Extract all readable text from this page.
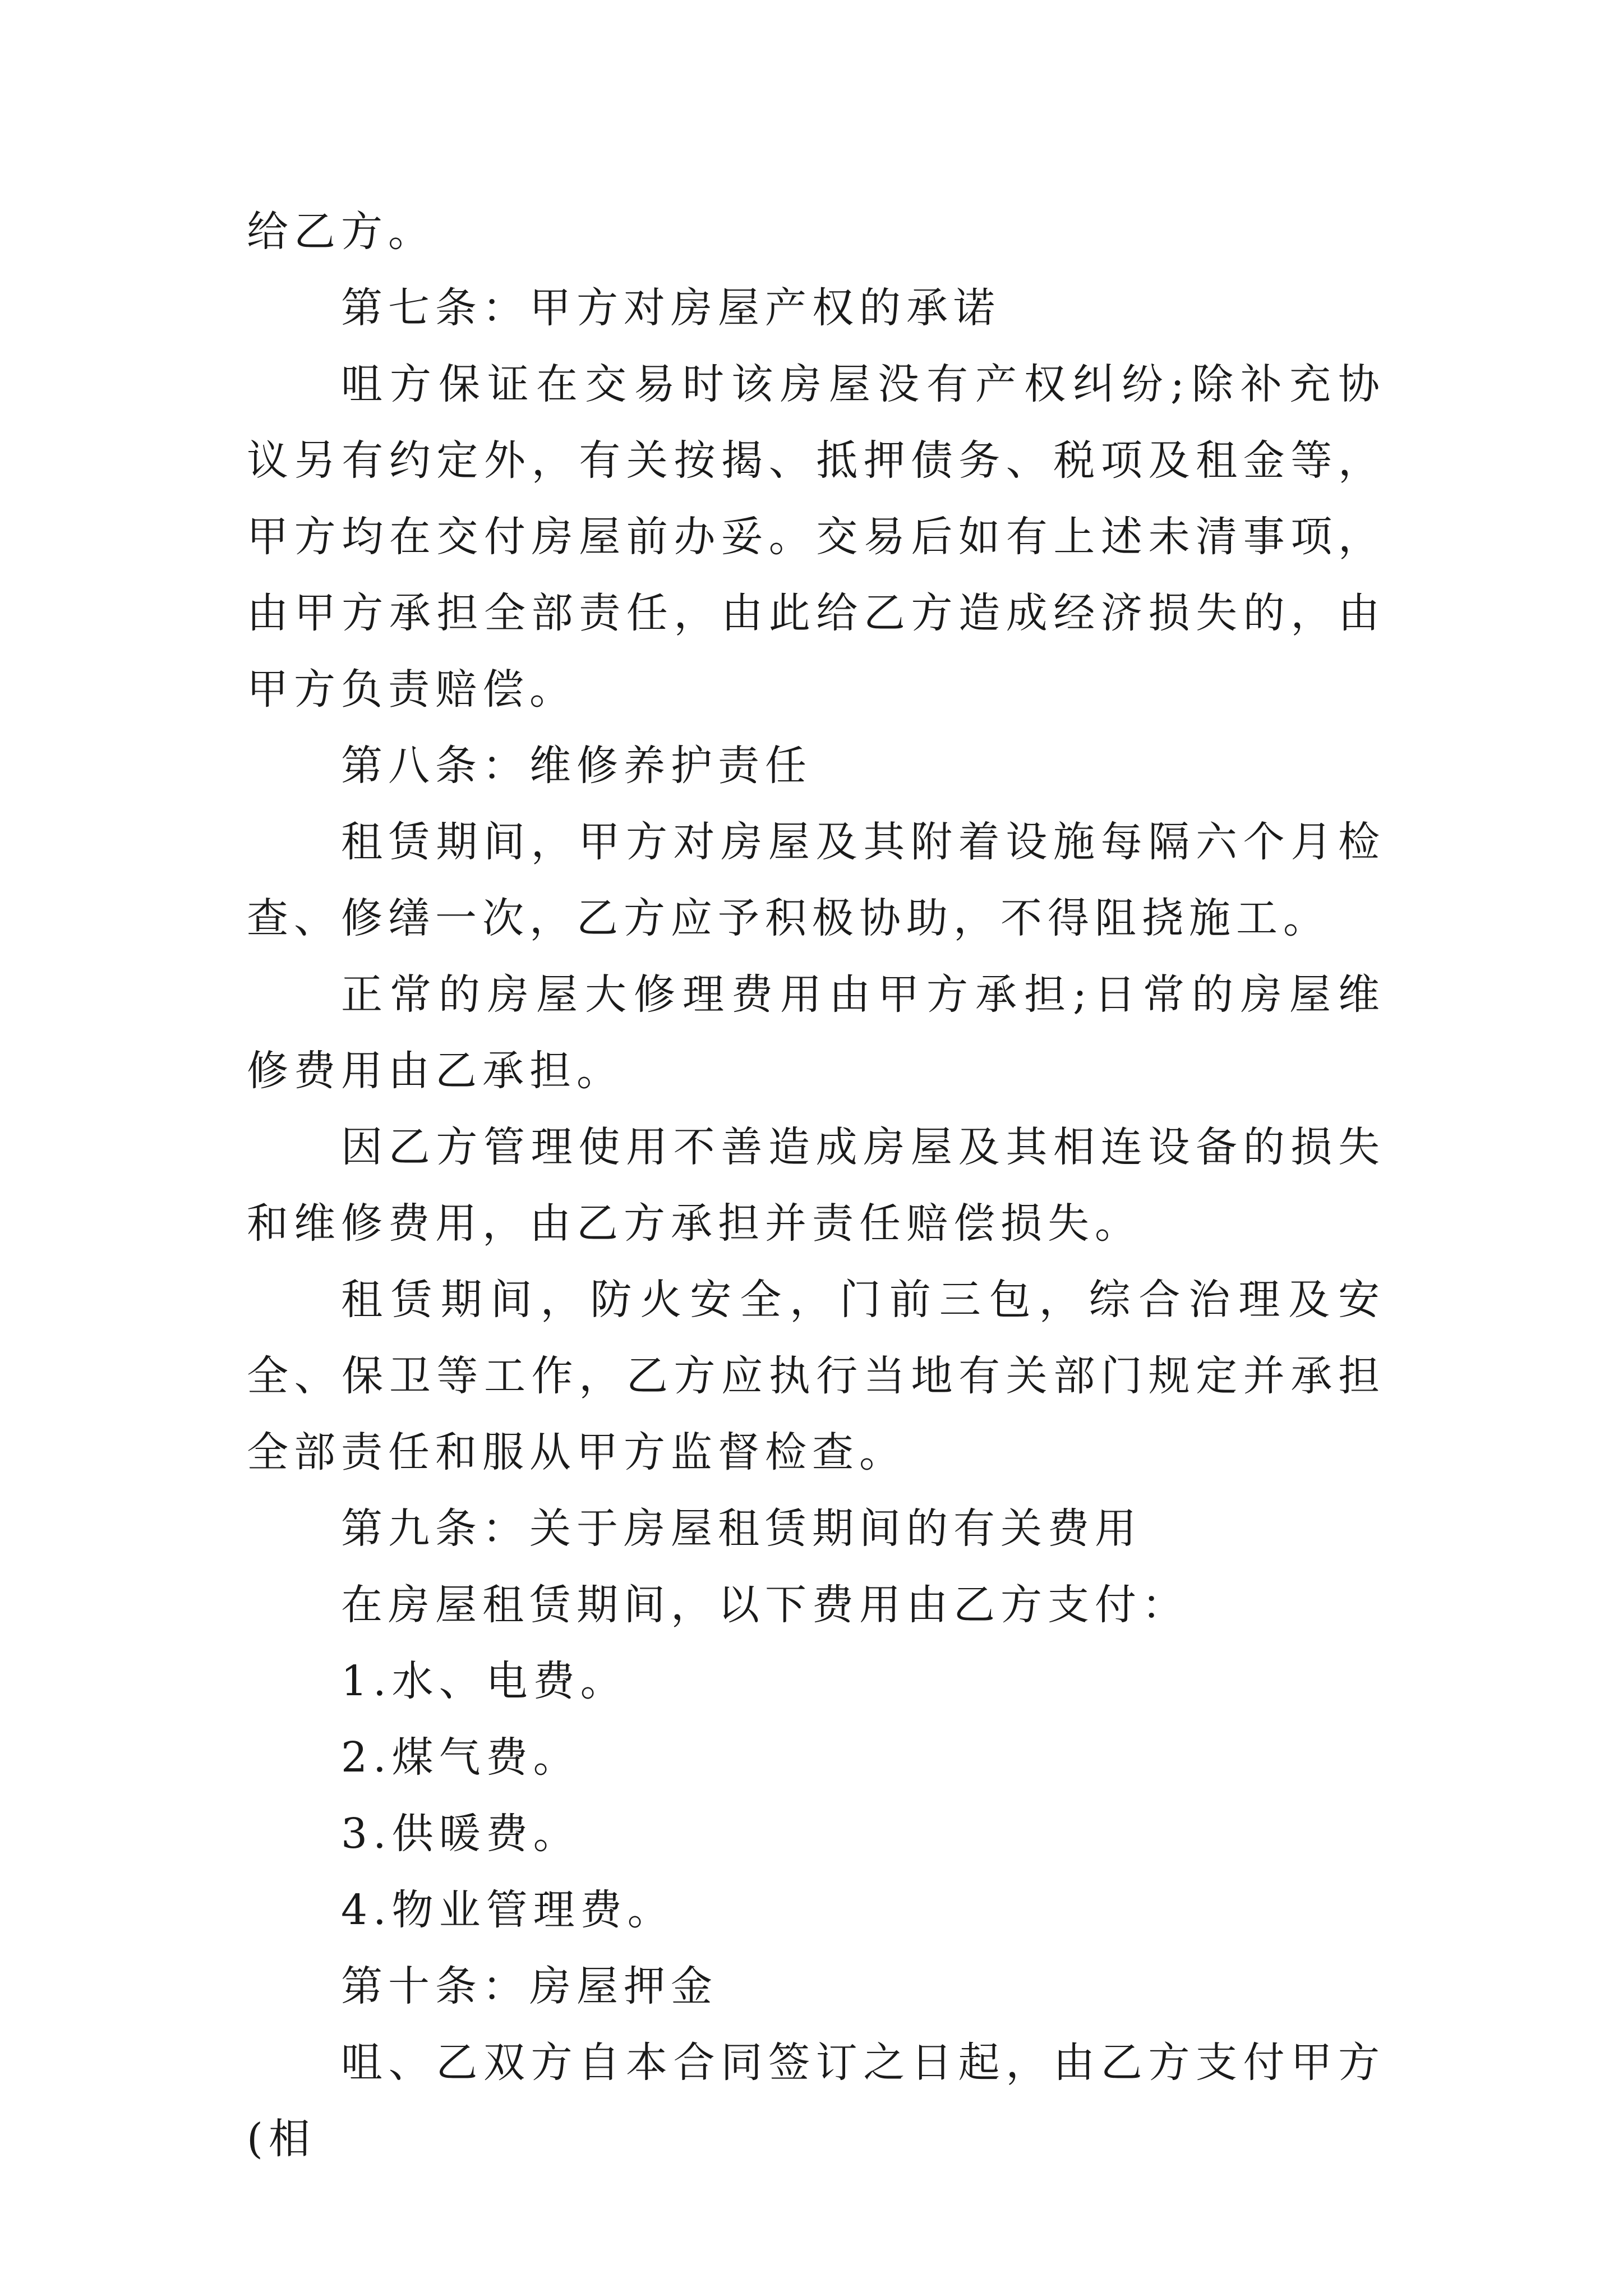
给乙方。

第七条：甲方对房屋产权的承诺

咀方保证在交易时该房屋没有产权纠纷;除补充协议另有约定外，有关按揭、抵押债务、税项及租金等，甲方均在交付房屋前办妥。交易后如有上述未清事项，由甲方承担全部责任，由此给乙方造成经济损失的，由甲方负责赔偿。

第八条：维修养护责任

租赁期间，甲方对房屋及其附着设施每隔六个月检查、修缮一次，乙方应予积极协助，不得阻挠施工。

正常的房屋大修理费用由甲方承担;日常的房屋维修费用由乙承担。

因乙方管理使用不善造成房屋及其相连设备的损失和维修费用，由乙方承担并责任赔偿损失。

租赁期间，防火安全，门前三包，综合治理及安全、保卫等工作，乙方应执行当地有关部门规定并承担全部责任和服从甲方监督检查。

第九条：关于房屋租赁期间的有关费用

在房屋租赁期间，以下费用由乙方支付：

1.水、电费。

2.煤气费。

3.供暖费。

4.物业管理费。

第十条：房屋押金

咀、乙双方自本合同签订之日起，由乙方支付甲方(相
